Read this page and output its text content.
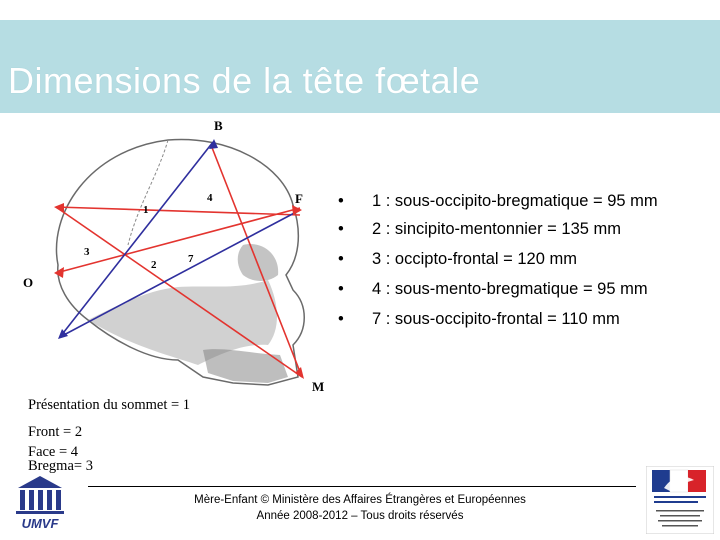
Dimensions de la tête fœtale
B
F
O
M
1
4
3
2	7
• 1 : sous-occipito-bregmatique = 95 mm
• 2 : sincipito-mentonnier = 135 mm
• 3 : occipto-frontal = 120 mm
• 4 : sous-mento-bregmatique = 95 mm
• 7 : sous-occipito-frontal = 110 mm
Présentation du sommet = 1
Front = 2
Face = 4
Bregma= 3
Mère-Enfant © Ministère des Affaires Étrangères et Européennes
Année 2008-2012 – Tous droits réservés
UMVF
